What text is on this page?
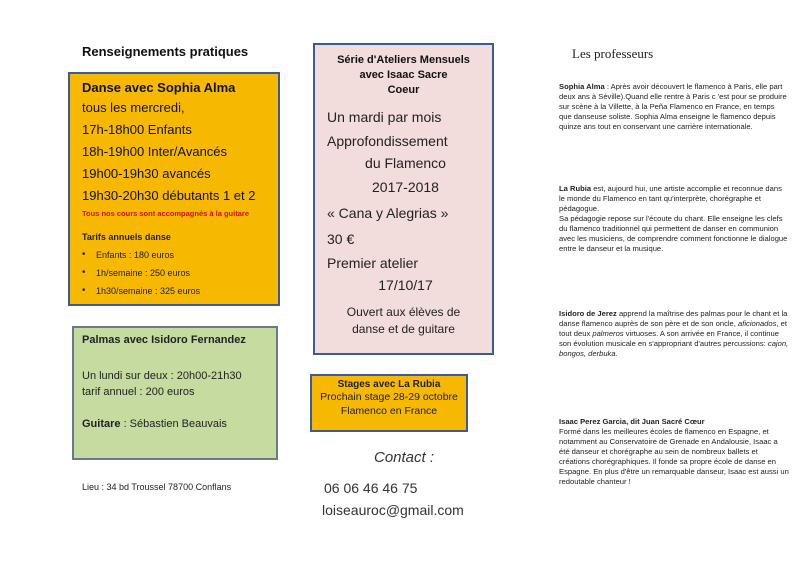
Renseignements pratiques
Danse avec Sophia Alma
tous les mercredi,
17h-18h00 Enfants
18h-19h00 Inter/Avancés
19h00-19h30 avancés
19h30-20h30 débutants 1 et 2
Tous nos cours sont accompagnés à la guitare
Tarifs annuels danse
• Enfants : 180 euros
• 1h/semaine : 250 euros
• 1h30/semaine : 325 euros
Palmas avec Isidoro Fernandez
Un lundi sur deux : 20h00-21h30
tarif annuel : 200 euros
Guitare : Sébastien Beauvais
Lieu : 34 bd Troussel 78700 Conflans
Série d'Ateliers Mensuels
avec Isaac Sacre
Coeur
Un mardi par mois
Approfondissement
du Flamenco
2017-2018
« Cana y Alegrias »
30 €
Premier atelier
17/10/17
Ouvert aux élèves de
danse et de guitare
Stages avec La Rubia
Prochain stage 28-29 octobre
Flamenco en France
Contact :
06 06 46 46 75
loiseauroc@gmail.com
Les professeurs
Sophia Alma : Après avoir découvert le flamenco à Paris, elle part deux ans à Séville).Quand elle rentre à Paris c 'est pour se produire sur scène à la Villette, à la Peña Flamenco en France, en temps que danseuse soliste. Sophia Alma enseigne le flamenco depuis quinze ans tout en conservant une carrière internationale.
La Rubia est, aujourd hui, une artiste accomplie et reconnue dans le monde du Flamenco en tant qu'interprète, chorégraphe et pédagogue.
Sa pédagogie repose sur l'écoute du chant. Elle enseigne les clefs du flamenco traditionnel qui permettent de danser en communion avec les musiciens, de comprendre comment fonctionne le dialogue entre le danseur et la musique.
Isidoro de Jerez apprend la maîtrise des palmas pour le chant et la danse flamenco auprès de son père et de son oncle, aficionados, et tout deux palmeros virtuoses. A son arrivée en France, il continue son évolution musicale en s'appropriant d'autres percussions: cajon, bongos, derbuka.
Isaac Perez Garcia, dit Juan Sacré Cœur
Formé dans les meilleures écoles de flamenco en Espagne, et notamment au Conservatoire de Grenade en Andalousie, Isaac a été danseur et chorégraphe au sein de nombreux ballets et créations chorégraphiques. Il fonde sa propre école de danse en Espagne. En plus d'être un remarquable danseur, Isaac est aussi un redoutable chanteur !
